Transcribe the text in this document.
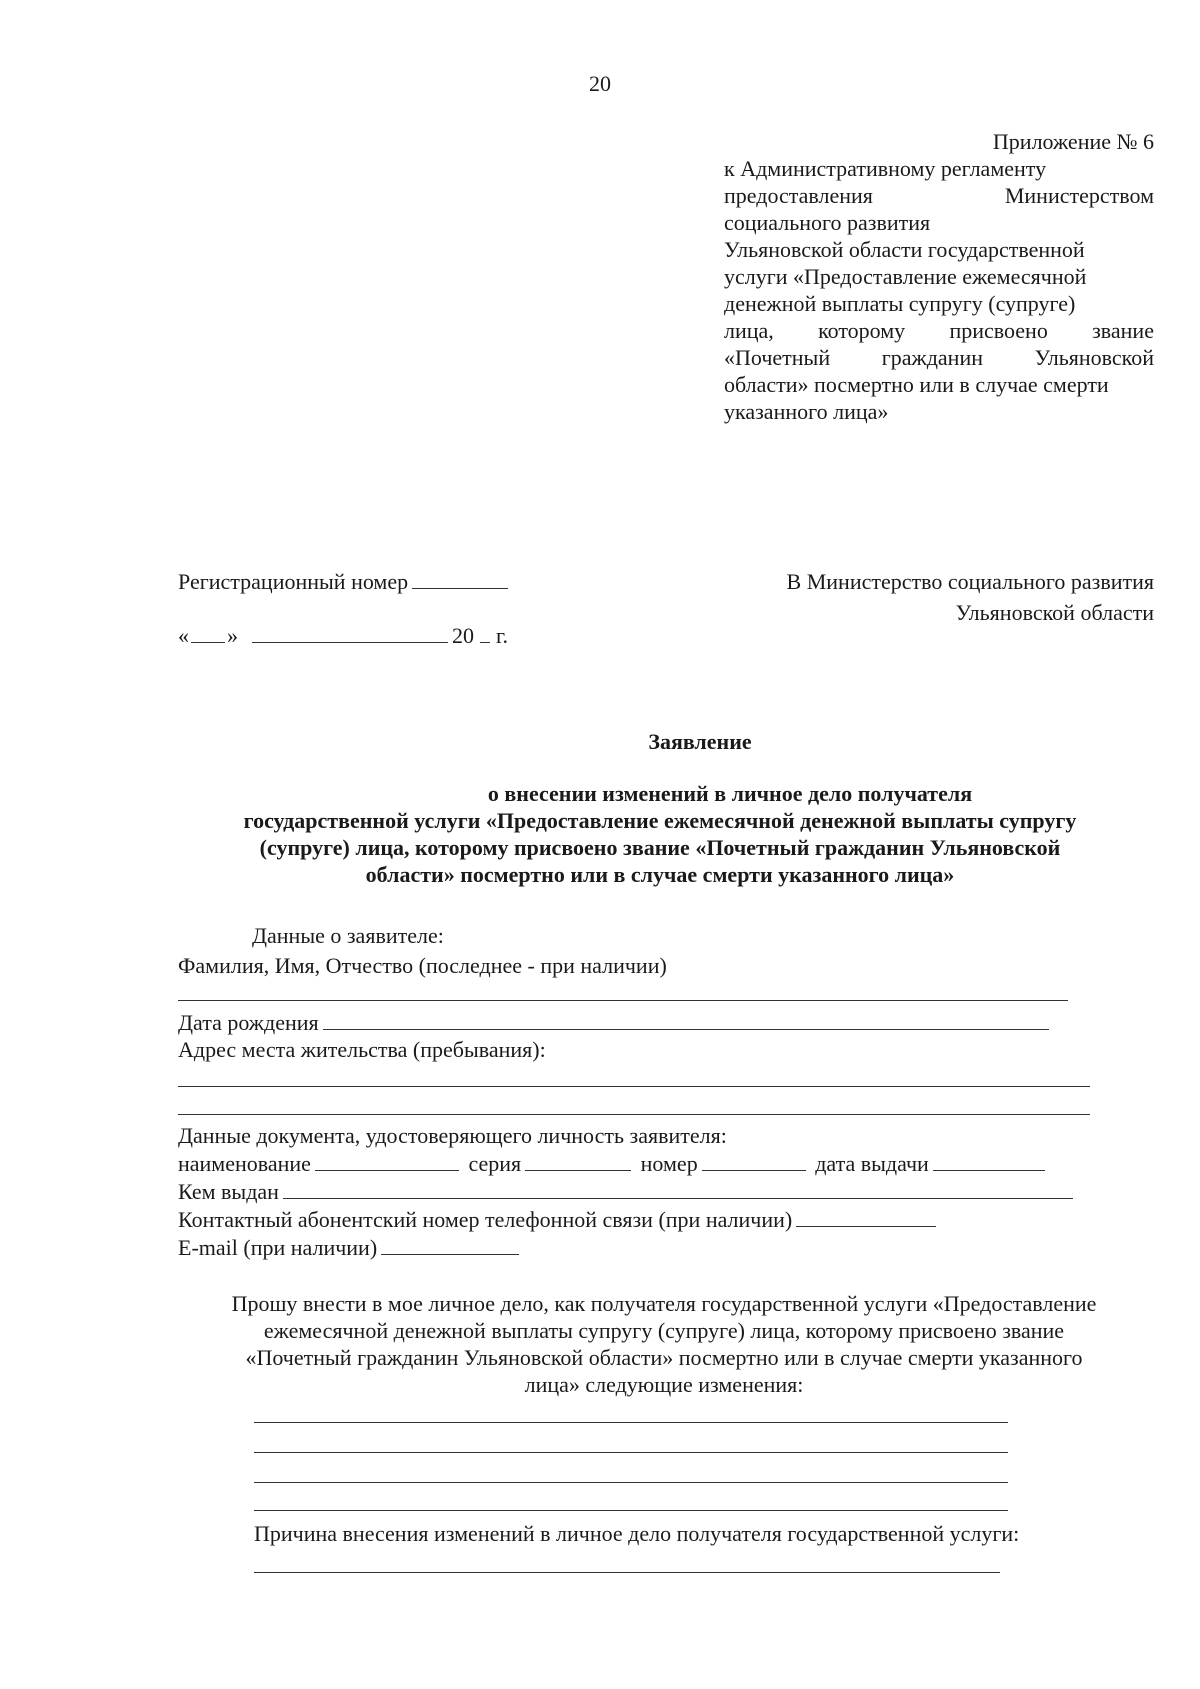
20
Приложение № 6
к Административному регламенту
предоставления	Министерством
социального развития
Ульяновской области государственной
услуги «Предоставление ежемесячной
денежной выплаты супругу (супруге)
лица, которому присвоено звание
«Почетный гражданин Ульяновской
области» посмертно или в случае смерти
указанного лица»
Регистрационный номер
« »	20 г.
В Министерство социального развития
Ульяновской области
Заявление
о внесении изменений в личное дело получателя
государственной услуги «Предоставление ежемесячной денежной выплаты супругу
(супруге) лица, которому присвоено звание «Почетный гражданин Ульяновской
области» посмертно или в случае смерти указанного лица»
Данные о заявителе:
Фамилия, Имя, Отчество (последнее - при наличии)
Дата рождения
Адрес места жительства (пребывания):
Данные документа, удостоверяющего личность заявителя:
наименование	серия	номер	дата выдачи
Кем выдан
Контактный абонентский номер телефонной связи (при наличии)
E-mail (при наличии)
Прошу внести в мое личное дело, как получателя государственной услуги «Предоставление
ежемесячной денежной выплаты супругу (супруге) лица, которому присвоено звание
«Почетный гражданин Ульяновской области» посмертно или в случае смерти указанного
лица» следующие изменения:
Причина внесения изменений в личное дело получателя государственной услуги:
